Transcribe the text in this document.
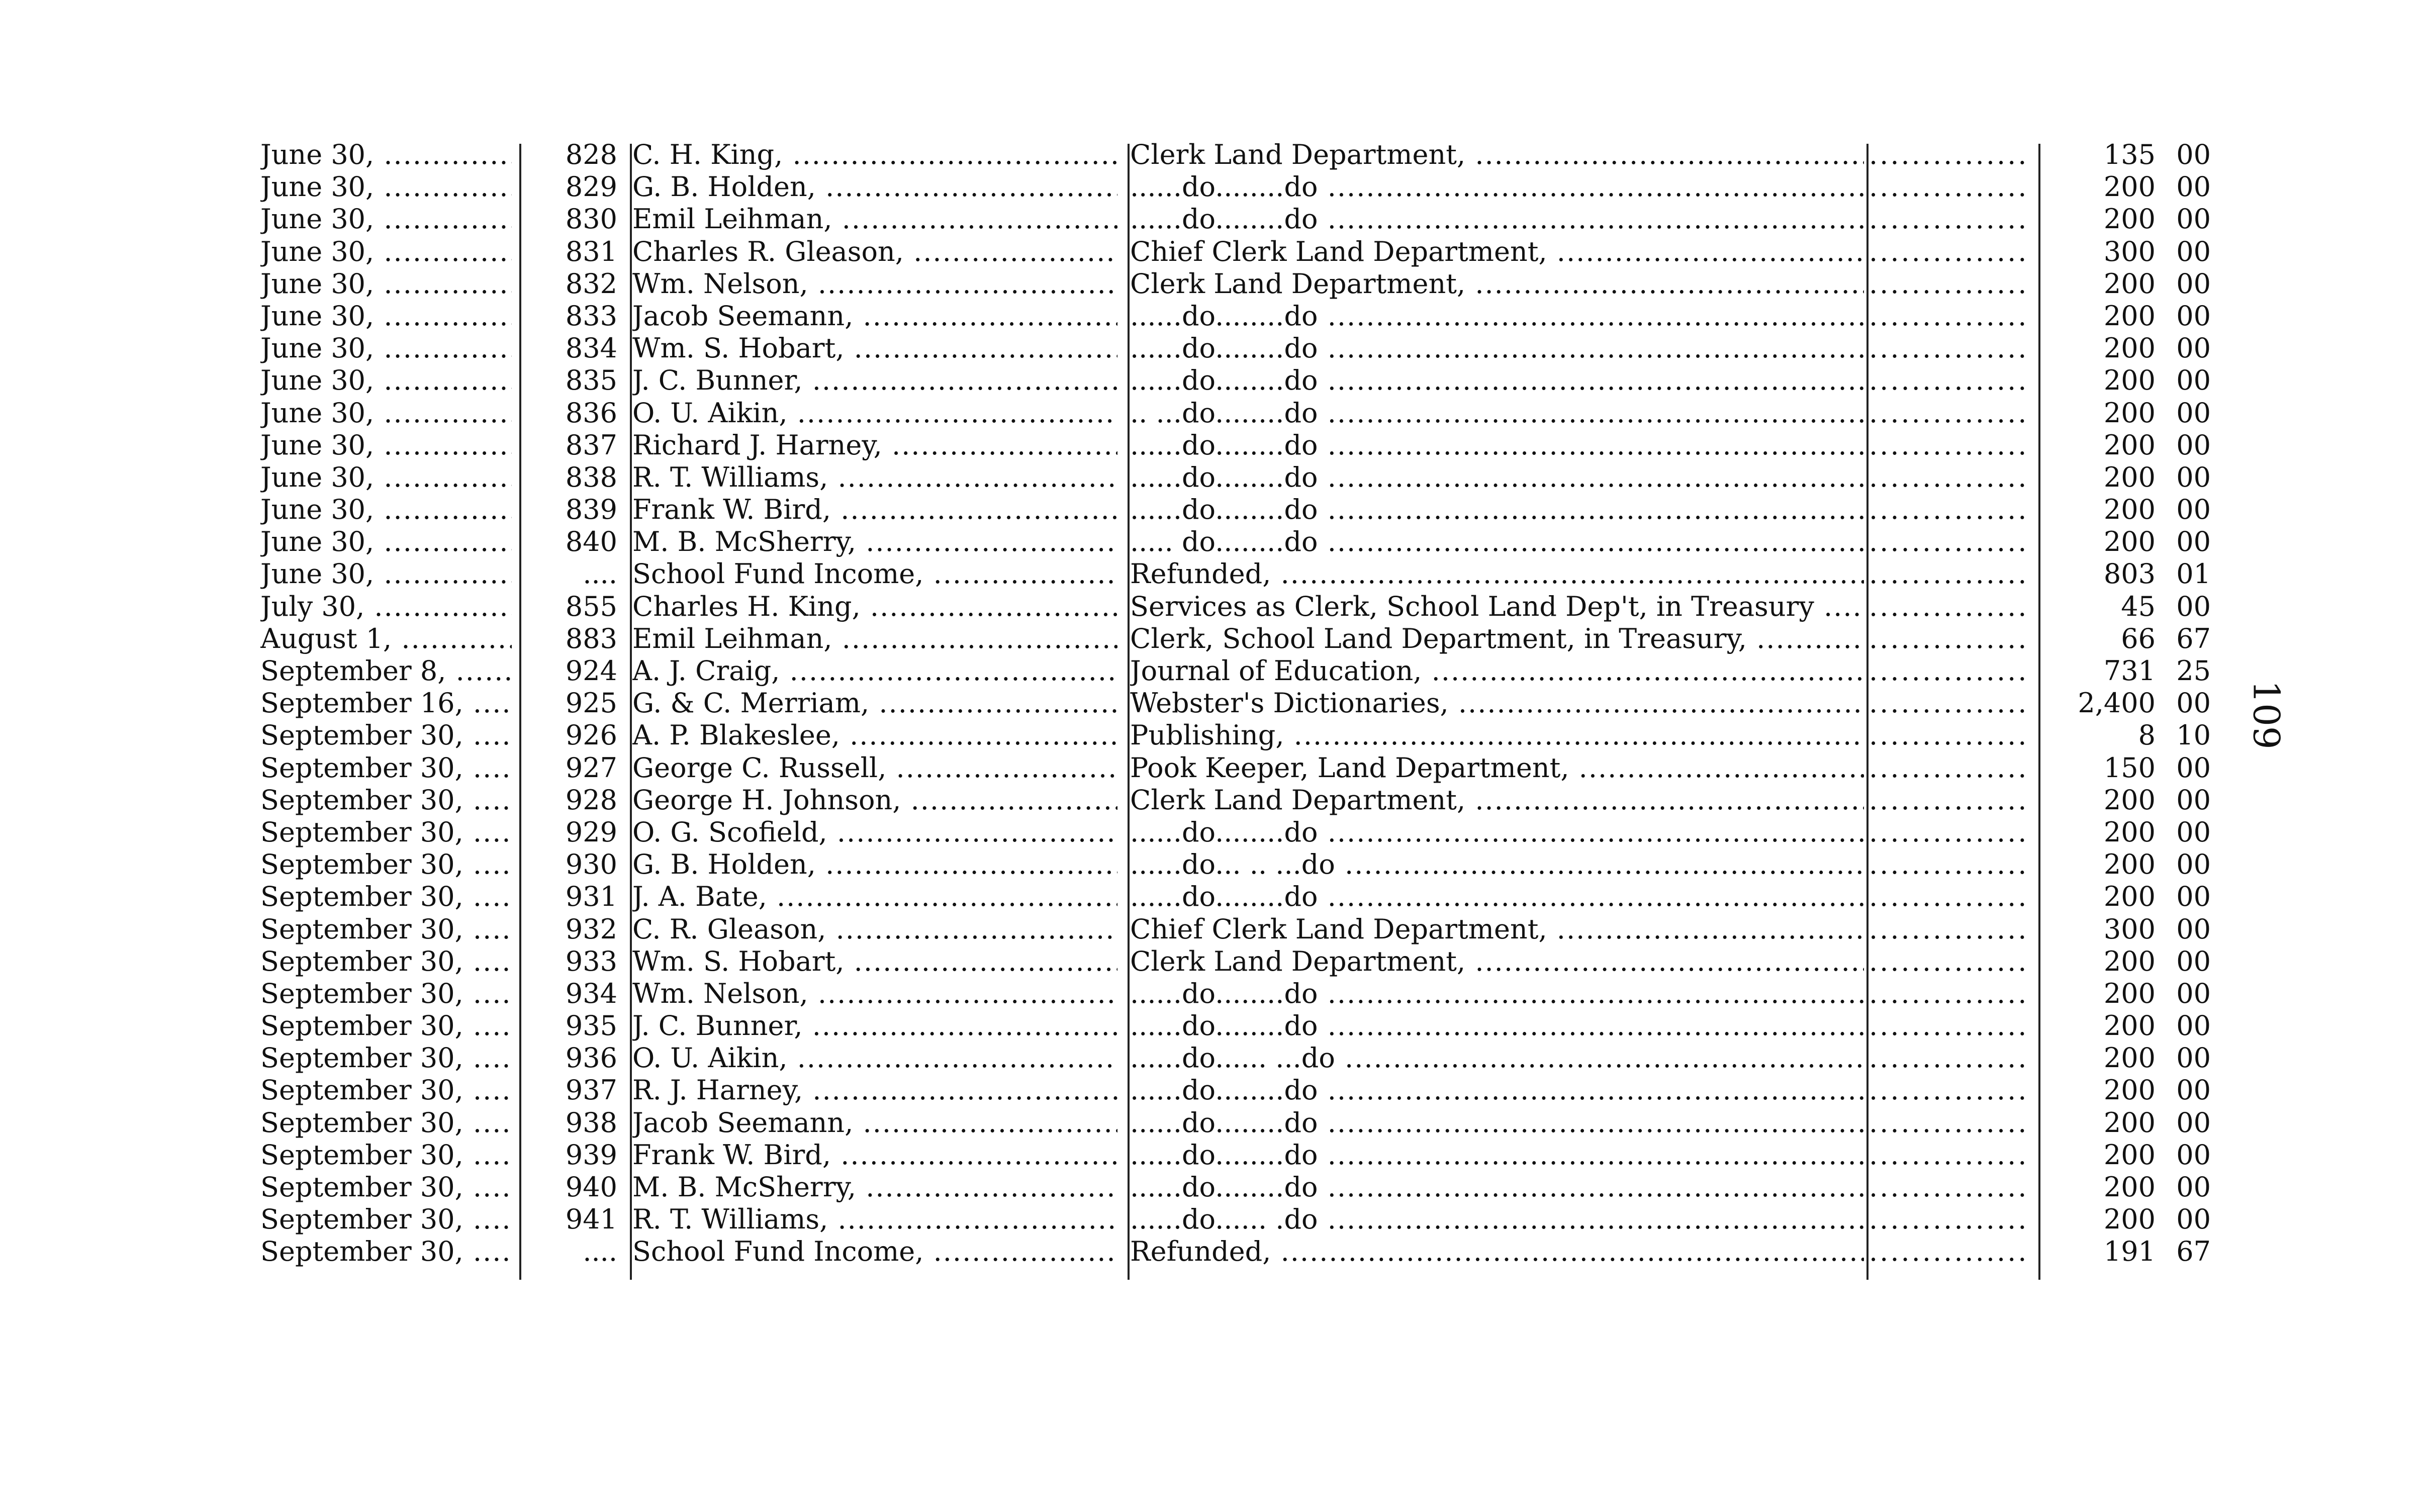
June 30, .....	828 C. H. King, .....	Clerk Land Department, ..... .....	135 00
June 30, .....	829 G. B. Holden, .....	......do........do ..... .....	200 00
June 30, .....	830 Emil Leihman, .....	......do........do ..... .....	200 00
June 30, .....	831 Charles R. Gleason, .....	Chief Clerk Land Department, ..... .....	300 00
June 30, .....	832 Wm. Nelson, .....	Clerk Land Department, ..... .....	200 00
June 30, .....	833 Jacob Seemann, .....	......do........do ..... .....	200 00
June 30, .....	834 Wm. S. Hobart, .....	......do........do ..... .....	200 00
June 30, .....	835 J. C. Bunner, .....	......do........do ..... .....	200 00
June 30, .....	836 O. U. Aikin, .....	.. ...do........do ..... .....	200 00
June 30, .....	837 Richard J. Harney, .....	......do........do ..... .....	200 00
June 30, .....	838 R. T. Williams, .....	......do........do ..... .....	200 00
June 30, .....	839 Frank W. Bird, .....	......do........do ..... .....	200 00
June 30, .....	840 M. B. McSherry, .....	..... do........do ..... .....	200 00
June 30, .....	.... School Fund Income, .....	Refunded, ..... .....	803 01
July 30, .....	855 Charles H. King, .....	Services as Clerk, School Land Dep't, in Treasury ..... .....	45 00
August 1, .....	883 Emil Leihman, .....	Clerk, School Land Department, in Treasury, ..... .....	66 67
September 8, .....	924 A. J. Craig, .....	Journal of Education, ..... .....	731 25
September 16, .....	925 G. & C. Merriam, .....	Webster's Dictionaries, ..... .....	2,400 00
September 30, .....	926 A. P. Blakeslee, .....	Publishing, ..... .....	8 10
September 30, .....	927 George C. Russell, .....	Pook Keeper, Land Department, ..... .....	150 00
September 30, .....	928 George H. Johnson, .....	Clerk Land Department, ..... .....	200 00
September 30, .....	929 O. G. Scofield, .....	......do........do ..... .....	200 00
September 30, .....	930 G. B. Holden, .....	......do... .. ...do ..... .....	200 00
September 30, .....	931 J. A. Bate, .....	......do........do ..... .....	200 00
September 30, .....	932 C. R. Gleason, .....	Chief Clerk Land Department, ..... .....	300 00
September 30, .....	933 Wm. S. Hobart, .....	Clerk Land Department, ..... .....	200 00
September 30, .....	934 Wm. Nelson, .....	......do........do ..... .....	200 00
September 30, .....	935 J. C. Bunner, .....	......do........do ..... .....	200 00
September 30, .....	936 O. U. Aikin, .....	......do...... ...do ..... .....	200 00
September 30, .....	937 R. J. Harney, .....	......do........do ..... .....	200 00
September 30, .....	938 Jacob Seemann, .....	......do........do ..... .....	200 00
September 30, .....	939 Frank W. Bird, .....	......do........do ..... .....	200 00
September 30, .....	940 M. B. McSherry, .....	......do........do ..... .....	200 00
September 30, .....	941 R. T. Williams, .....	......do...... .do ..... .....	200 00
September 30, .....	.... School Fund Income, .....	Refunded, ..... .....	191 67
109
